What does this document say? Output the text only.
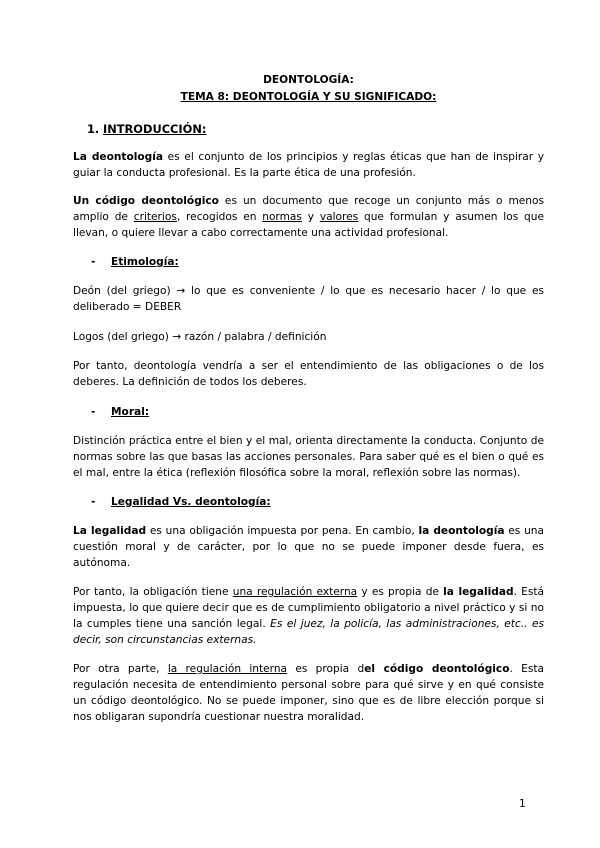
DEONTOLOGÍA:

TEMA 8: DEONTOLOGÍA Y SU SIGNIFICADO:

1. INTRODUCCIÓN:

La deontología es el conjunto de los principios y reglas éticas que han de inspirar y guiar la conducta profesional. Es la parte ética de una profesión.

Un código deontológico es un documento que recoge un conjunto más o menos amplio de criterios, recogidos en normas y valores que formulan y asumen los que llevan, o quiere llevar a cabo correctamente una actividad profesional.

- Etimología:

Deón (del griego) → lo que es conveniente / lo que es necesario hacer / lo que es deliberado = DEBER

Logos (del griego) → razón / palabra / definición

Por tanto, deontología vendría a ser el entendimiento de las obligaciones o de los deberes. La definición de todos los deberes.

- Moral:

Distinción práctica entre el bien y el mal, orienta directamente la conducta. Conjunto de normas sobre las que basas las acciones personales. Para saber qué es el bien o qué es el mal, entre la ética (reflexión filosófica sobre la moral, reflexión sobre las normas).

- Legalidad Vs. deontología:

La legalidad es una obligación impuesta por pena. En cambio, la deontología es una cuestión moral y de carácter, por lo que no se puede imponer desde fuera, es autónoma.

Por tanto, la obligación tiene una regulación externa y es propia de la legalidad. Está impuesta, lo que quiere decir que es de cumplimiento obligatorio a nivel práctico y si no la cumples tiene una sanción legal. Es el juez, la policía, las administraciones, etc.. es decir, son circunstancias externas.

Por otra parte, la regulación interna es propia del código deontológico. Esta regulación necesita de entendimiento personal sobre para qué sirve y en qué consiste un código deontológico. No se puede imponer, sino que es de libre elección porque si nos obligaran supondría cuestionar nuestra moralidad.

1
